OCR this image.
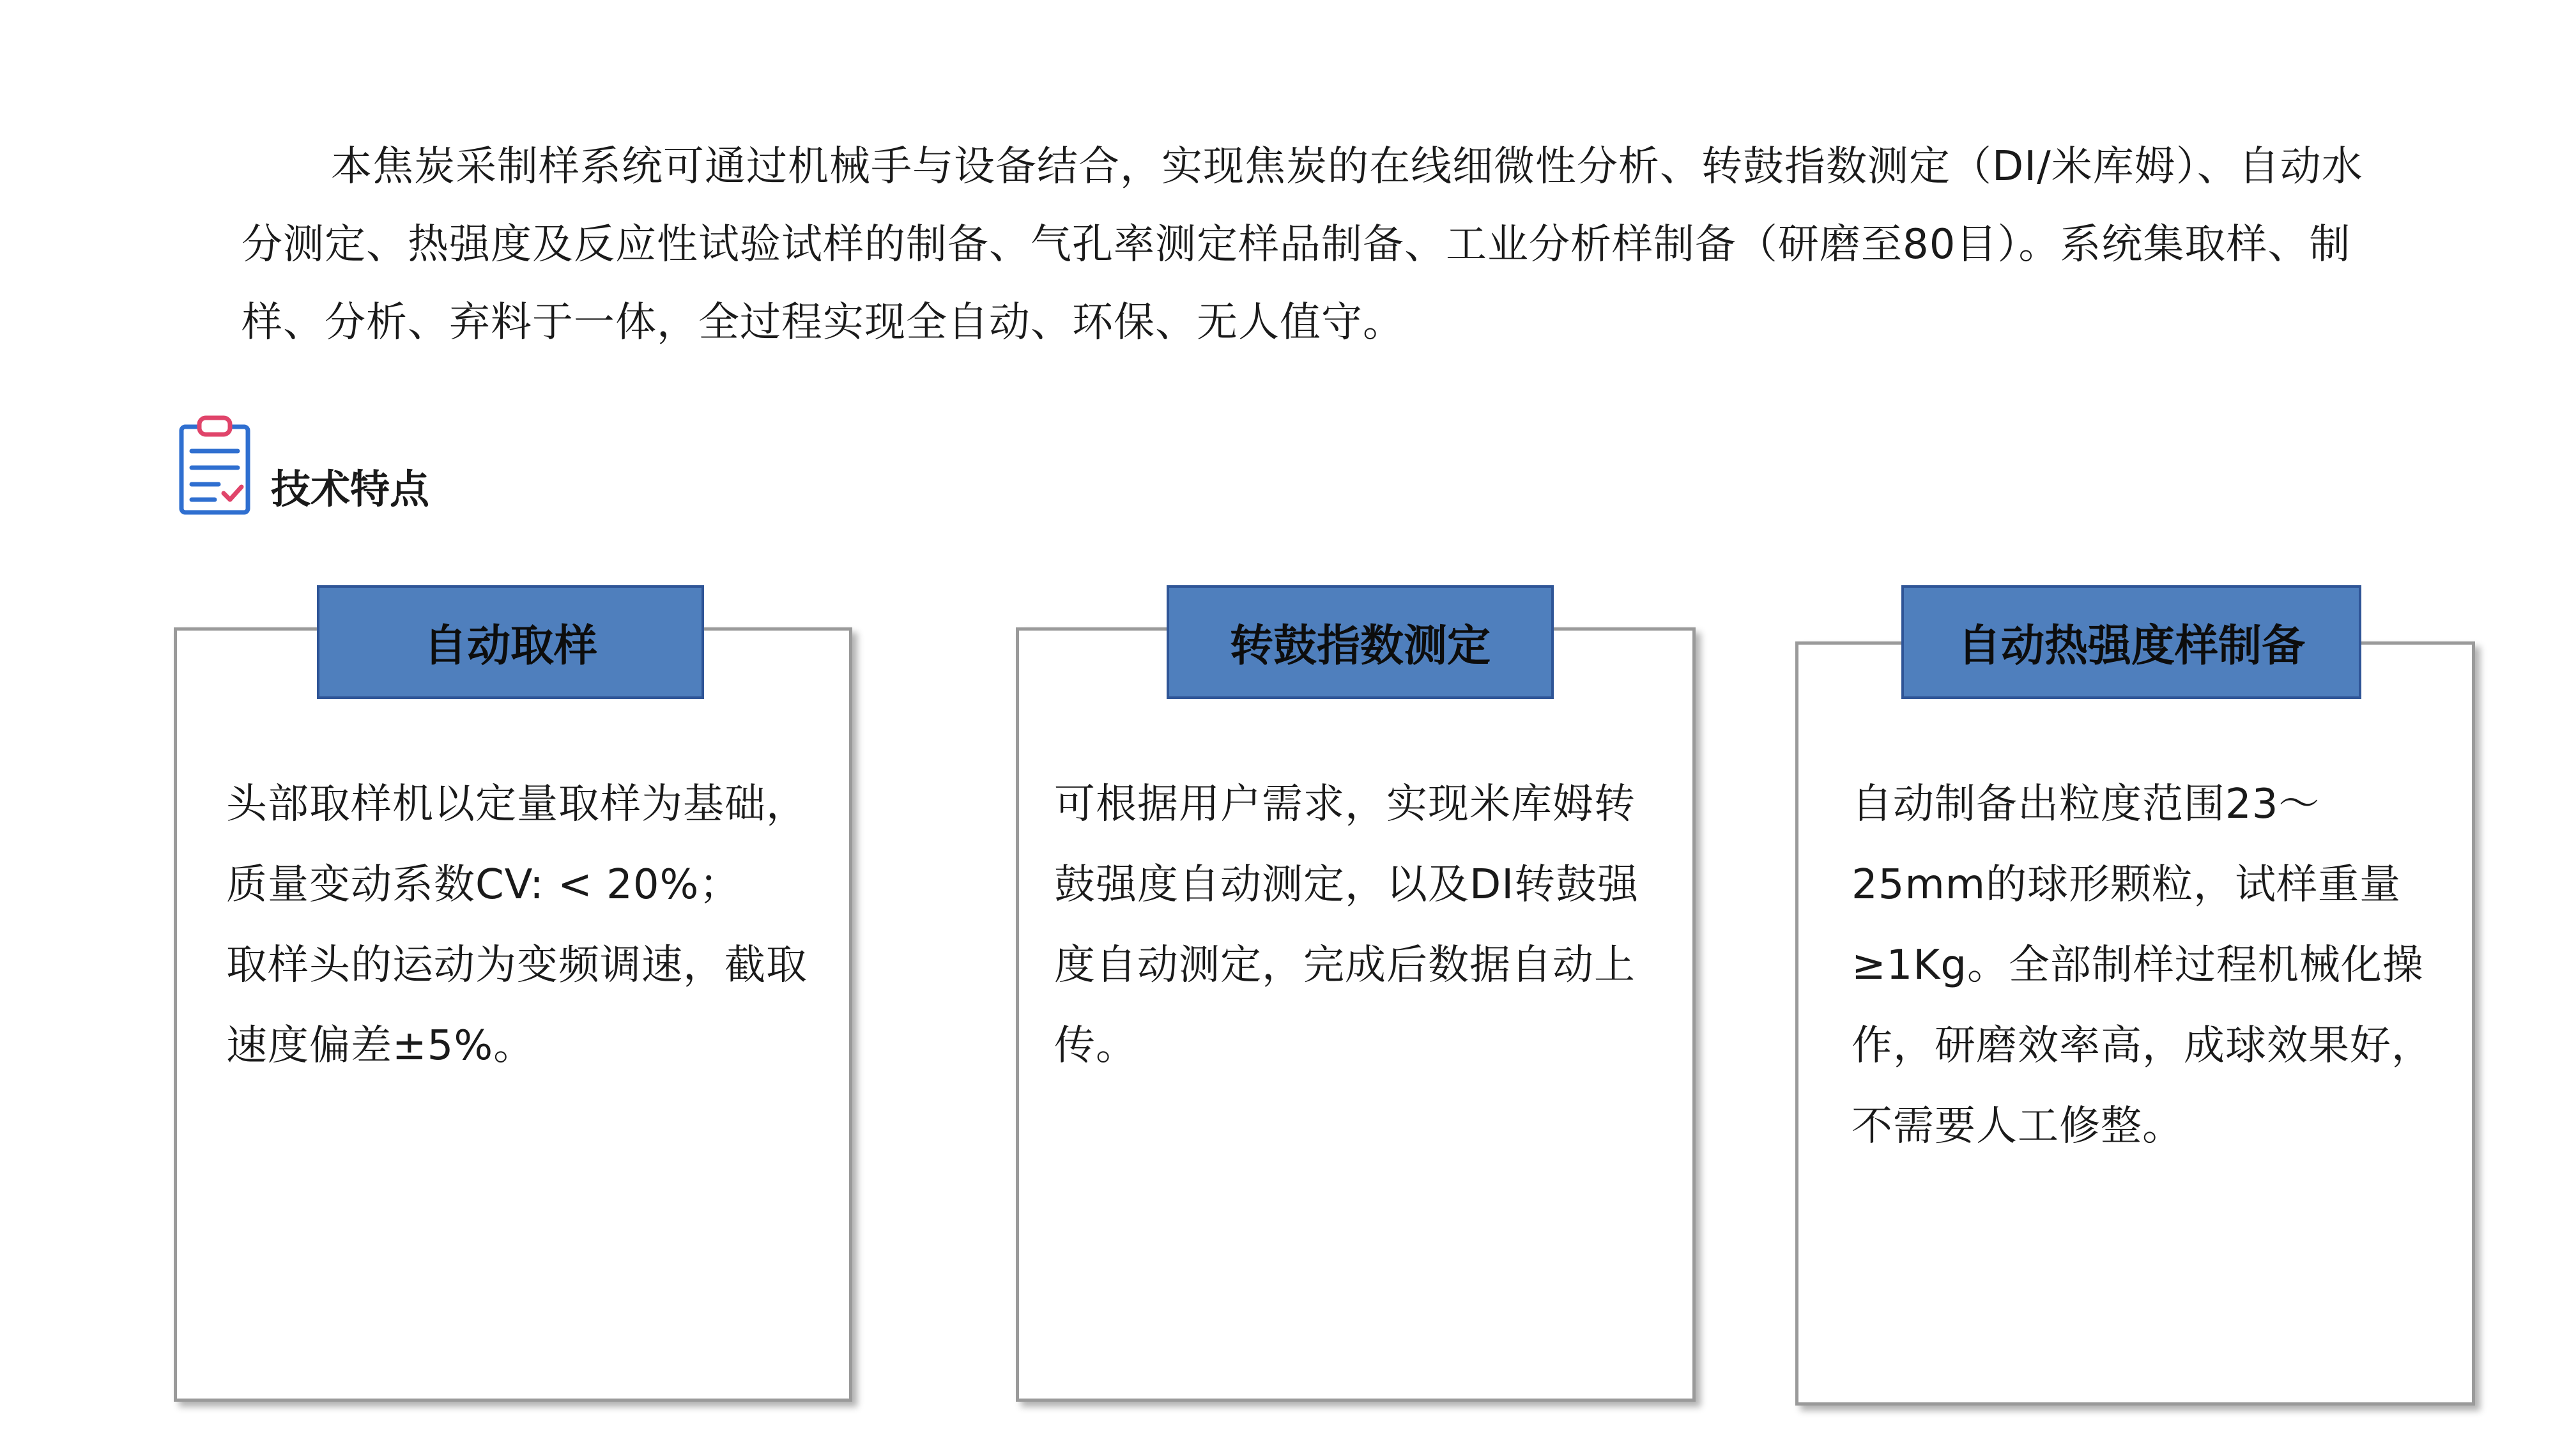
本焦炭采制样系统可通过机械手与设备结合，实现焦炭的在线细微性分析、转鼓指数测定（DI/米库姆）、自动水分测定、热强度及反应性试验试样的制备、气孔率测定样品制备、工业分析样制备（研磨至80目）。系统集取样、制样、分析、弃料于一体，全过程实现全自动、环保、无人值守。

技术特点
自动取样

头部取样机以定量取样为基础， 质量变动系数CV: < 20%；
取样头的运动为变频调速，截取速度偏差±5%。

转鼓指数测定

可根据用户需求，实现米库姆转鼓强度自动测定，以及DI转鼓强度自动测定，完成后数据自动上传。

自动热强度样制备

自动制备出粒度范围23～25mm的球形颗粒，试样重量≥1Kg。全部制样过程机械化操作，研磨效率高，成球效果好，不需要人工修整。
